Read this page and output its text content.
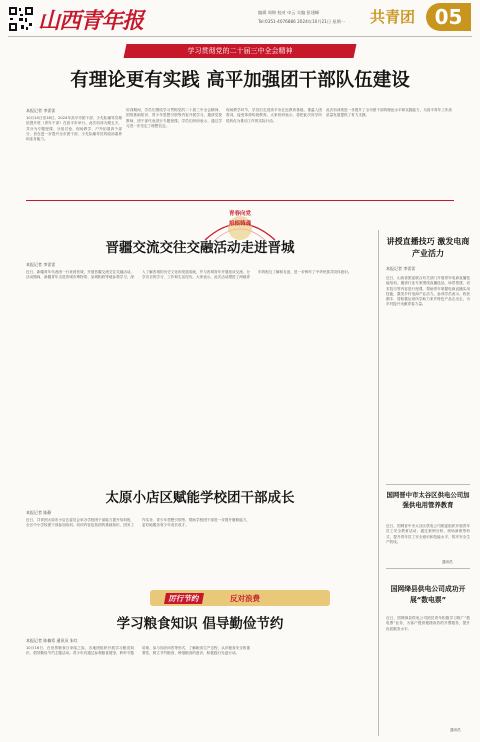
山西青年报	编辑 周锦 校对 申云 实编 彭建峰
Tel:0351-4076886 2024年10月21日 星期一 共青团 05
学习贯彻党的二十届三中全会精神
有理论更有实践 高平加强团干部队伍建设
本报记者 李雷雷
10月14日至18日，2024年高平市团干部、少先队辅导员理论提升班（青年干部）在高平市举行。此次培训为期五天，共分为专题授课、分组讨论、现场教学、户外拓展四个部分，旨在进一步提升全市团干部、少先队辅导员的政治素养和业务能力。
培训期间，学员们围绕学习贯彻党的二十届三中全会精神、团的基础知识、青少年思想引领等内容开展学习，邀请党校教师、团干部代表进行专题授课。学员们纷纷表示，通过学习进一步坚定了理想信念。
现场教学环节，学员们走进高平市红色教育基地，重温入团誓词，接受革命传统教育。大家纷纷表示，将把此次所学所悟转化为推动工作的实际行动。
此次培训班进一步提升了全市团干部的理论水平和实践能力，为高平青年工作高质量发展提供了有力支撑。
青春向党
培根铸魂
晋疆交流交往交融活动走进晋城
本报记者 李雷雷
近日，新疆青年代表团一行来到晋城，开展晋疆交流交往交融活动。活动期间，新疆青年走进晋城市博物馆、皇城相府等地参观学习，深入了解晋城的历史文化和发展成就，并与晋城青年开展座谈交流，分享各自的学习、工作和生活经历。大家表示，此次活动增进了两地青年的相互了解和友谊，进一步铸牢了中华民族共同体意识。
太原小店区赋能学校团干部成长
本报记者 陈静
近日，共青团太原市小店区委员会举办学校团干部能力提升培训班，全区中小学校团干部参加培训。培训内容包括团的基础知识、团务工作实务、青少年思想引领等，帮助学校团干部进一步提升履职能力，更好地服务青少年成长成才。
厉行节约	反对浪费
学习粮食知识 倡导勤俭节约
本报记者 陈楠希 通讯员 朱红
10月16日，在世界粮食日来临之际，各地团组织开展学习粮食知识、倡导勤俭节约主题活动。青少年们通过参观粮食展馆、聆听专题讲座、参与知识问答等形式，了解粮食生产过程，认识粮食安全的重要性，树立节约粮食、珍惜粮食的意识，积极践行光盘行动。
讲授直播技巧 激发电商产业活力
本报记者 李雷雷
近日，山西省团委联合有关部门开展青年电商直播技能培训，邀请行业专家围绕直播选品、场景搭建、话术技巧等内容进行授课，帮助青年掌握电商直播实用技能，激发乡村电商产业活力。参训学员表示，收获颇丰，将积极运用所学助力家乡特色产品走出去，为乡村振兴贡献青春力量。
国网晋中市太谷区供电公司加强供电用管养教育
近日，国网晋中市太谷区供电公司团委组织开展青年员工安全教育活动，通过案例分析、现场演练等形式，提升青年员工安全意识和技能水平，筑牢安全生产防线。
通讯员
国网绛县供电公司成功开展“数电票”
近日，国网绛县供电公司团员青年积极学习推广“数电票”业务，为客户提供便捷高效的开票服务，提升优质服务水平。
通讯员
